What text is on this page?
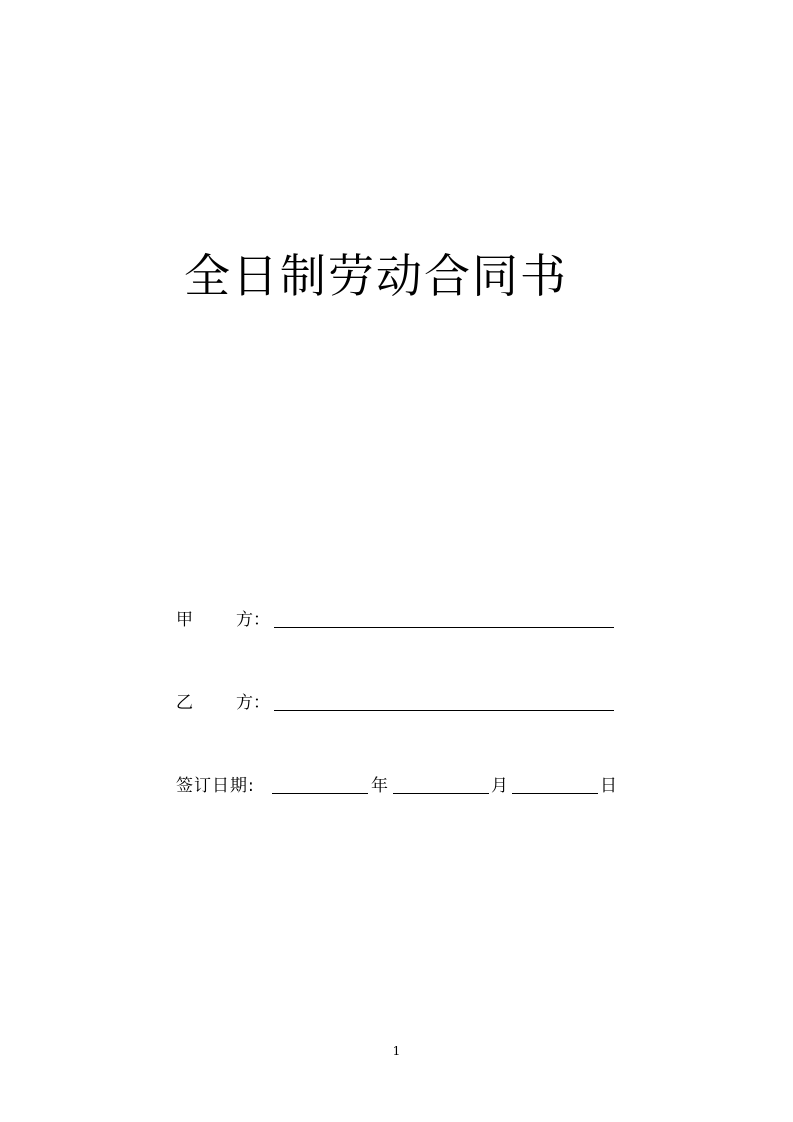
全日制劳动合同书
甲	方：
乙	方：
签订日期:	年	月	日
1
